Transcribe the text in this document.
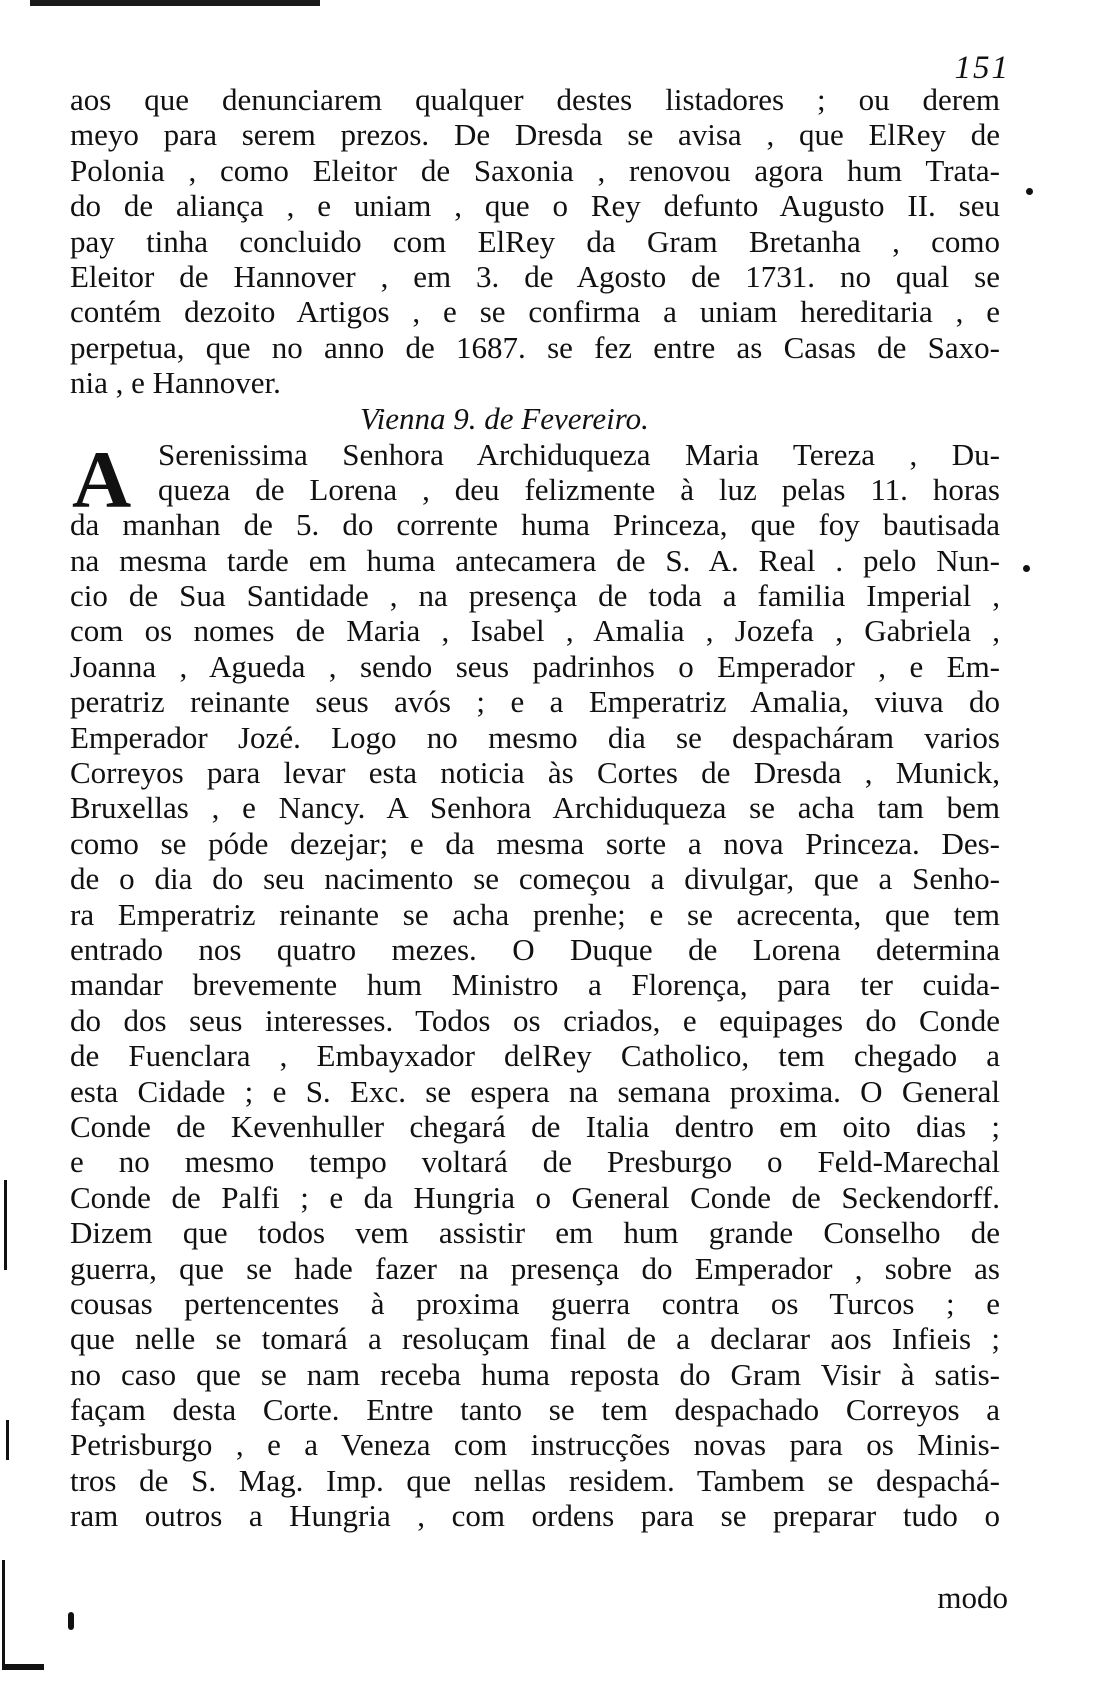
151
aos que denunciarem qualquer destes listadores ; ou derem
meyo para serem prezos. De Dresda se avisa , que ElRey de
Polonia , como Eleitor de Saxonia , renovou agora hum Trata-
do de aliança , e uniam , que o Rey defunto Augusto II. seu
pay tinha concluido com ElRey da Gram Bretanha , como
Eleitor de Hannover , em 3. de Agosto de 1731. no qual se
contém dezoito Artigos , e se confirma a uniam hereditaria , e
perpetua, que no anno de 1687. se fez entre as Casas de Saxo-
nia , e Hannover.
Vienna 9. de Fevereiro.
A Serenissima Senhora Archiduqueza Maria Tereza , Du-
queza de Lorena , deu felizmente à luz pelas 11. horas
da manhan de 5. do corrente huma Princeza, que foy bautisada
na mesma tarde em huma antecamera de S. A. Real . pelo Nun-
cio de Sua Santidade , na presença de toda a familia Imperial ,
com os nomes de Maria , Isabel , Amalia , Jozefa , Gabriela ,
Joanna , Agueda , sendo seus padrinhos o Emperador , e Em-
peratriz reinante seus avós ; e a Emperatriz Amalia, viuva do
Emperador Jozé. Logo no mesmo dia se despacháram varios
Correyos para levar esta noticia às Cortes de Dresda , Munick,
Bruxellas , e Nancy. A Senhora Archiduqueza se acha tam bem
como se póde dezejar; e da mesma sorte a nova Princeza. Des-
de o dia do seu nacimento se começou a divulgar, que a Senho-
ra Emperatriz reinante se acha prenhe; e se acrecenta, que tem
entrado nos quatro mezes. O Duque de Lorena determina
mandar brevemente hum Ministro a Florença, para ter cuida-
do dos seus interesses. Todos os criados, e equipages do Conde
de Fuenclara , Embayxador delRey Catholico, tem chegado a
esta Cidade ; e S. Exc. se espera na semana proxima. O General
Conde de Kevenhuller chegará de Italia dentro em oito dias ;
e no mesmo tempo voltará de Presburgo o Feld-Marechal
Conde de Palfi ; e da Hungria o General Conde de Seckendorff.
Dizem que todos vem assistir em hum grande Conselho de
guerra, que se hade fazer na presença do Emperador , sobre as
cousas pertencentes à proxima guerra contra os Turcos ; e
que nelle se tomará a resoluçam final de a declarar aos Infieis ;
no caso que se nam receba huma reposta do Gram Visir à satis-
façam desta Corte. Entre tanto se tem despachado Correyos a
Petrisburgo , e a Veneza com instrucções novas para os Minis-
tros de S. Mag. Imp. que nellas residem. Tambem se despachá-
ram outros a Hungria , com ordens para se preparar tudo o
modo
